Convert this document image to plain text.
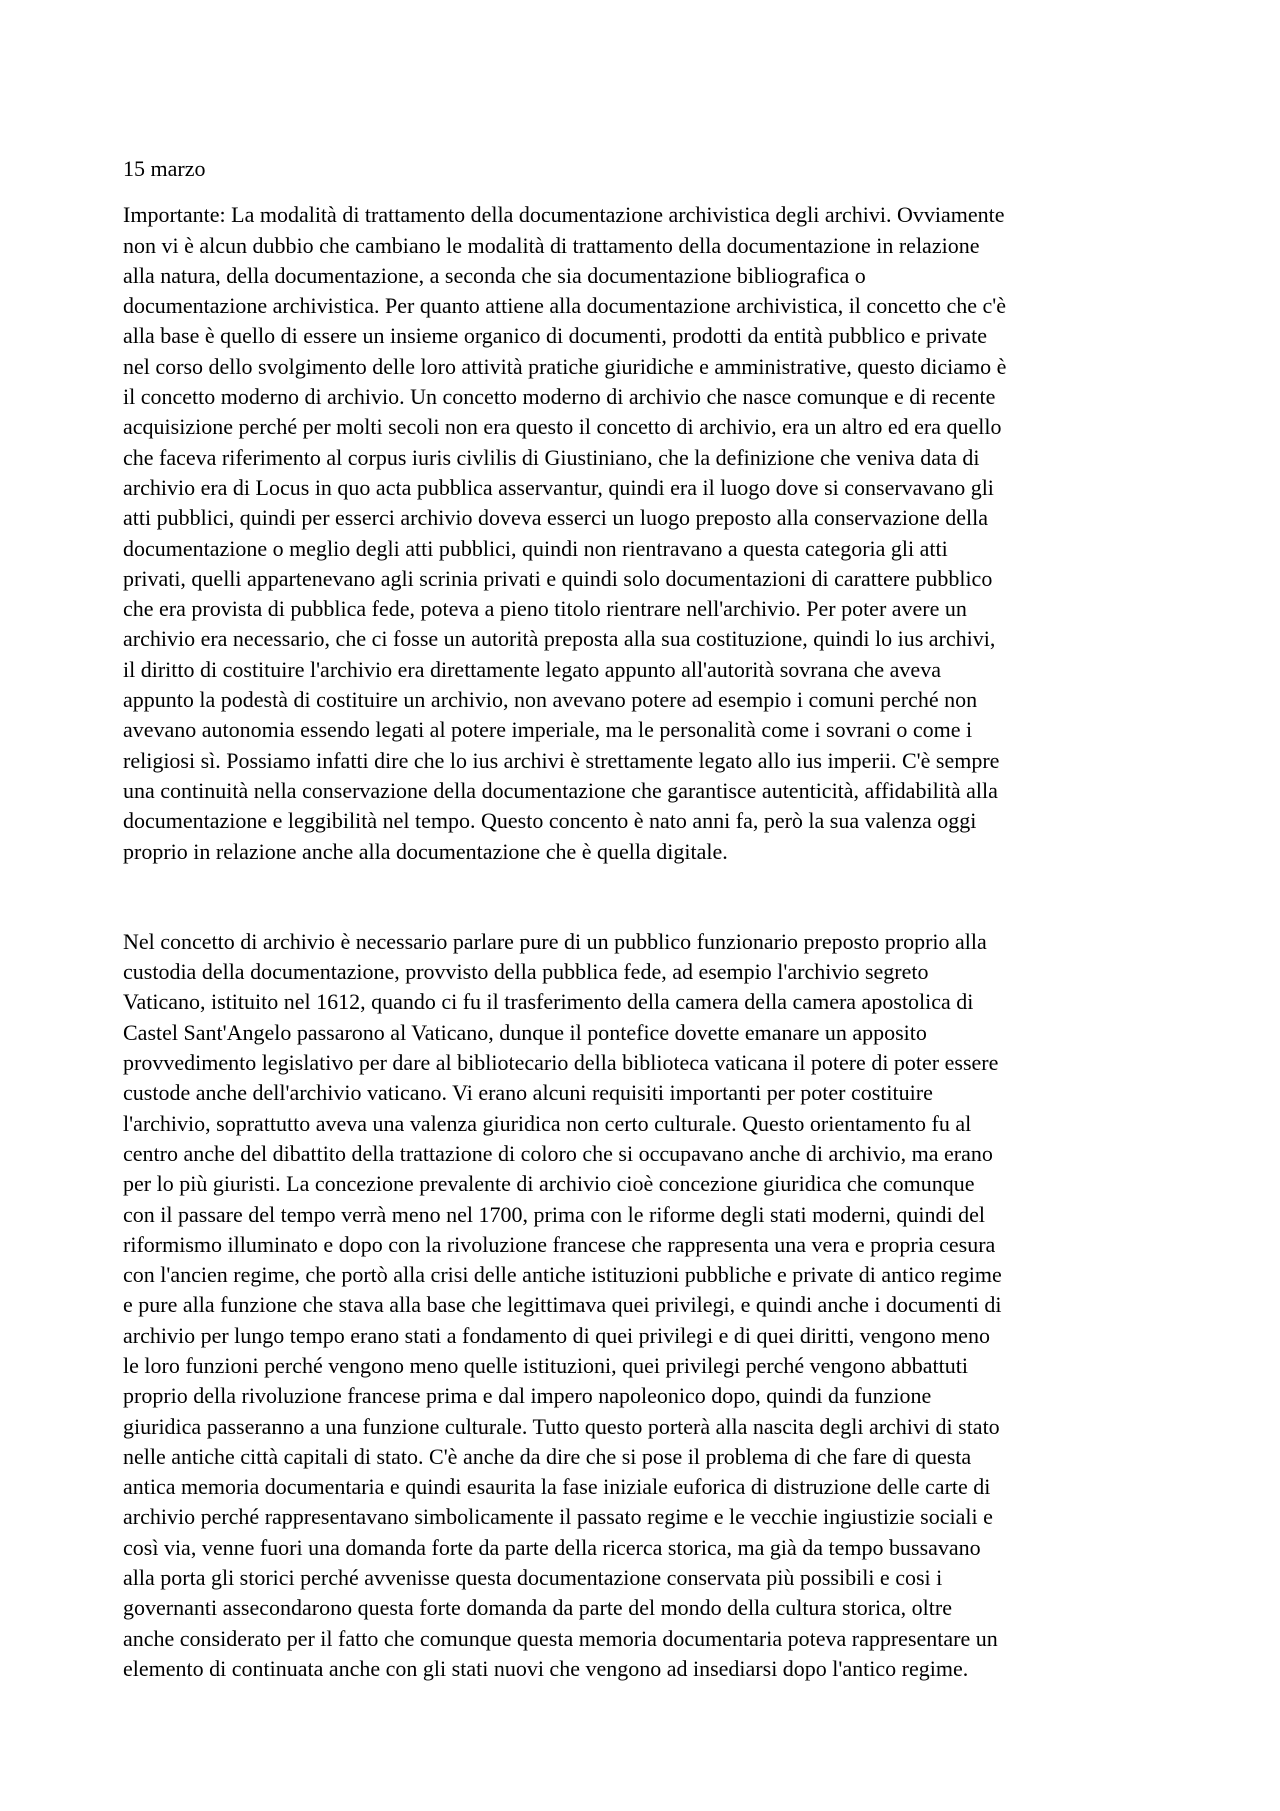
15 marzo

Importante: La modalità di trattamento della documentazione archivistica degli archivi. Ovviamente
non vi è alcun dubbio che cambiano le modalità di trattamento della documentazione in relazione
alla natura, della documentazione, a seconda che sia documentazione bibliografica o
documentazione archivistica. Per quanto attiene alla documentazione archivistica, il concetto che c'è
alla base è quello di essere un insieme organico di documenti, prodotti da entità pubblico e private
nel corso dello svolgimento delle loro attività pratiche giuridiche e amministrative, questo diciamo è
il concetto moderno di archivio. Un concetto moderno di archivio che nasce comunque e di recente
acquisizione perché per molti secoli non era questo il concetto di archivio, era un altro ed era quello
che faceva riferimento al corpus iuris civlilis di Giustiniano, che la definizione che veniva data di
archivio era di Locus in quo acta pubblica asservantur, quindi era il luogo dove si conservavano gli
atti pubblici, quindi per esserci archivio doveva esserci un luogo preposto alla conservazione della
documentazione o meglio degli atti pubblici, quindi non rientravano a questa categoria gli atti
privati, quelli appartenevano agli scrinia privati e quindi solo documentazioni di carattere pubblico
che era provista di pubblica fede, poteva a pieno titolo rientrare nell'archivio. Per poter avere un
archivio era necessario, che ci fosse un autorità preposta alla sua costituzione, quindi lo ius archivi,
il diritto di costituire l'archivio era direttamente legato appunto all'autorità sovrana che aveva
appunto la podestà di costituire un archivio, non avevano potere ad esempio i comuni perché non
avevano autonomia essendo legati al potere imperiale, ma le personalità come i sovrani o come i
religiosi sì. Possiamo infatti dire che lo ius archivi è strettamente legato allo ius imperii. C'è sempre
una continuità nella conservazione della documentazione che garantisce autenticità, affidabilità alla
documentazione e leggibilità nel tempo. Questo concento è nato anni fa, però la sua valenza oggi
proprio in relazione anche alla documentazione che è quella digitale.

Nel concetto di archivio è necessario parlare pure di un pubblico funzionario preposto proprio alla
custodia della documentazione, provvisto della pubblica fede, ad esempio l'archivio segreto
Vaticano, istituito nel 1612, quando ci fu il trasferimento della camera della camera apostolica di
Castel Sant'Angelo passarono al Vaticano, dunque il pontefice dovette emanare un apposito
provvedimento legislativo per dare al bibliotecario della biblioteca vaticana il potere di poter essere
custode anche dell'archivio vaticano. Vi erano alcuni requisiti importanti per poter costituire
l'archivio, soprattutto aveva una valenza giuridica non certo culturale. Questo orientamento fu al
centro anche del dibattito della trattazione di coloro che si occupavano anche di archivio, ma erano
per lo più giuristi. La concezione prevalente di archivio cioè concezione giuridica che comunque
con il passare del tempo verrà meno nel 1700, prima con le riforme degli stati moderni, quindi del
riformismo illuminato e dopo con la rivoluzione francese che rappresenta una vera e propria cesura
con l'ancien regime, che portò alla crisi delle antiche istituzioni pubbliche e private di antico regime
e pure alla funzione che stava alla base che legittimava quei privilegi, e quindi anche i documenti di
archivio per lungo tempo erano stati a fondamento di quei privilegi e di quei diritti, vengono meno
le loro funzioni perché vengono meno quelle istituzioni, quei privilegi perché vengono abbattuti
proprio della rivoluzione francese prima e dal impero napoleonico dopo, quindi da funzione
giuridica passeranno a una funzione culturale. Tutto questo porterà alla nascita degli archivi di stato
nelle antiche città capitali di stato. C'è anche da dire che si pose il problema di che fare di questa
antica memoria documentaria e quindi esaurita la fase iniziale euforica di distruzione delle carte di
archivio perché rappresentavano simbolicamente il passato regime e le vecchie ingiustizie sociali e
così via, venne fuori una domanda forte da parte della ricerca storica, ma già da tempo bussavano
alla porta gli storici perché avvenisse questa documentazione conservata più possibili e cosi i
governanti assecondarono questa forte domanda da parte del mondo della cultura storica, oltre
anche considerato per il fatto che comunque questa memoria documentaria poteva rappresentare un
elemento di continuata anche con gli stati nuovi che vengono ad insediarsi dopo l'antico regime.
